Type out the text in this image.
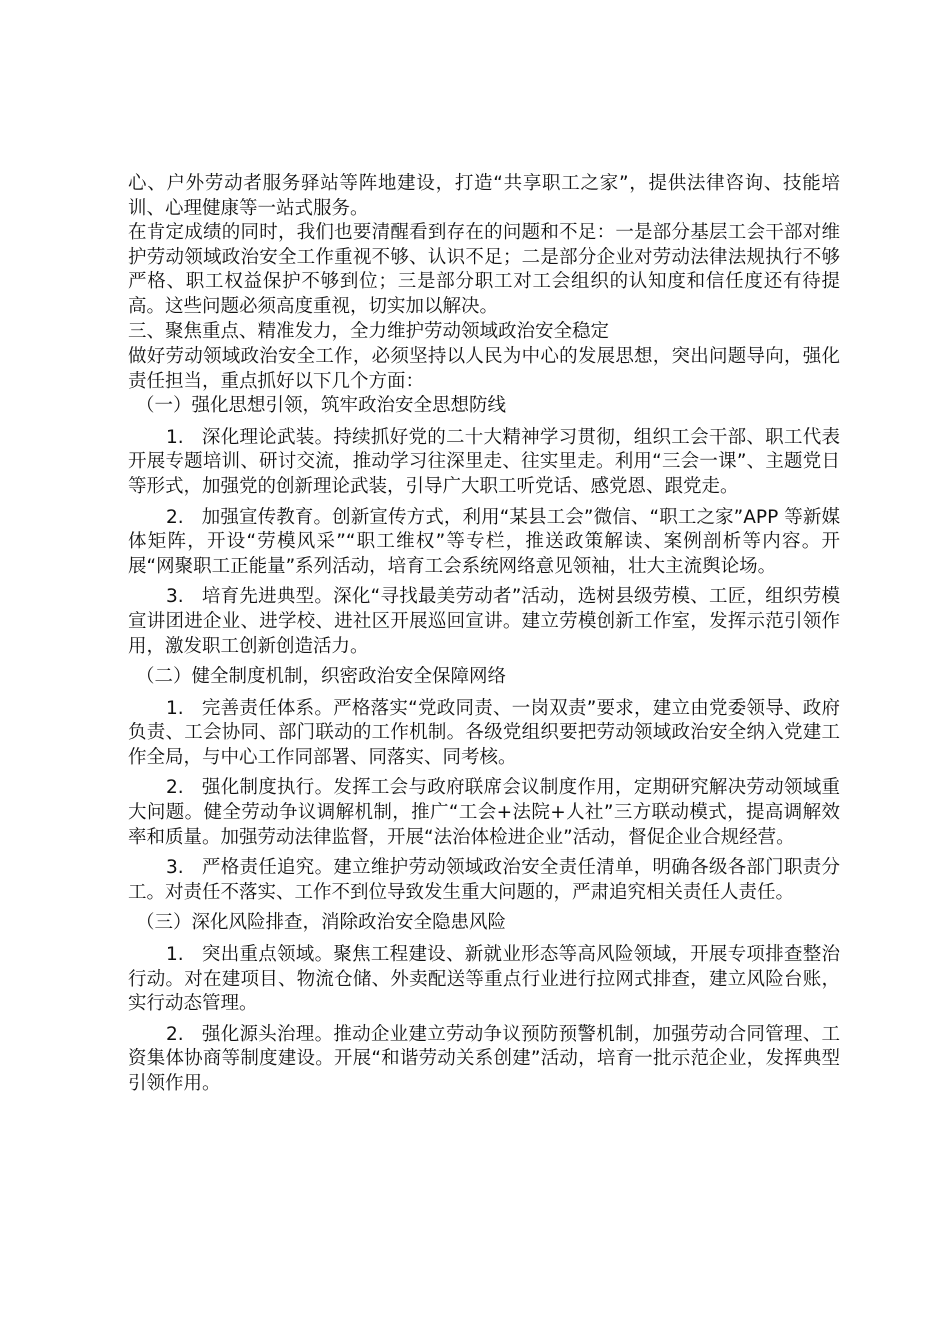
心、户外劳动者服务驿站等阵地建设，打造“共享职工之家”，提供法律咨询、技能培训、心理健康等一站式服务。

在肯定成绩的同时，我们也要清醒看到存在的问题和不足：一是部分基层工会干部对维护劳动领域政治安全工作重视不够、认识不足；二是部分企业对劳动法律法规执行不够严格、职工权益保护不够到位；三是部分职工对工会组织的认知度和信任度还有待提高。这些问题必须高度重视，切实加以解决。

三、聚焦重点、精准发力，全力维护劳动领域政治安全稳定

做好劳动领域政治安全工作，必须坚持以人民为中心的发展思想，突出问题导向，强化责任担当，重点抓好以下几个方面：

（一）强化思想引领，筑牢政治安全思想防线

1. 深化理论武装。持续抓好党的二十大精神学习贯彻，组织工会干部、职工代表开展专题培训、研讨交流，推动学习往深里走、往实里走。利用“三会一课”、主题党日等形式，加强党的创新理论武装，引导广大职工听党话、感党恩、跟党走。

2. 加强宣传教育。创新宣传方式，利用“某县工会”微信、“职工之家”APP 等新媒体矩阵，开设“劳模风采”“职工维权”等专栏，推送政策解读、案例剖析等内容。开展“网聚职工正能量”系列活动，培育工会系统网络意见领袖，壮大主流舆论场。

3. 培育先进典型。深化“寻找最美劳动者”活动，选树县级劳模、工匠，组织劳模宣讲团进企业、进学校、进社区开展巡回宣讲。建立劳模创新工作室，发挥示范引领作用，激发职工创新创造活力。

（二）健全制度机制，织密政治安全保障网络

1. 完善责任体系。严格落实“党政同责、一岗双责”要求，建立由党委领导、政府负责、工会协同、部门联动的工作机制。各级党组织要把劳动领域政治安全纳入党建工作全局，与中心工作同部署、同落实、同考核。

2. 强化制度执行。发挥工会与政府联席会议制度作用，定期研究解决劳动领域重大问题。健全劳动争议调解机制，推广“工会+法院+人社”三方联动模式，提高调解效率和质量。加强劳动法律监督，开展“法治体检进企业”活动，督促企业合规经营。

3. 严格责任追究。建立维护劳动领域政治安全责任清单，明确各级各部门职责分工。对责任不落实、工作不到位导致发生重大问题的，严肃追究相关责任人责任。

（三）深化风险排查，消除政治安全隐患风险

1. 突出重点领域。聚焦工程建设、新就业形态等高风险领域，开展专项排查整治行动。对在建项目、物流仓储、外卖配送等重点行业进行拉网式排查，建立风险台账，实行动态管理。

2. 强化源头治理。推动企业建立劳动争议预防预警机制，加强劳动合同管理、工资集体协商等制度建设。开展“和谐劳动关系创建”活动，培育一批示范企业，发挥典型引领作用。
